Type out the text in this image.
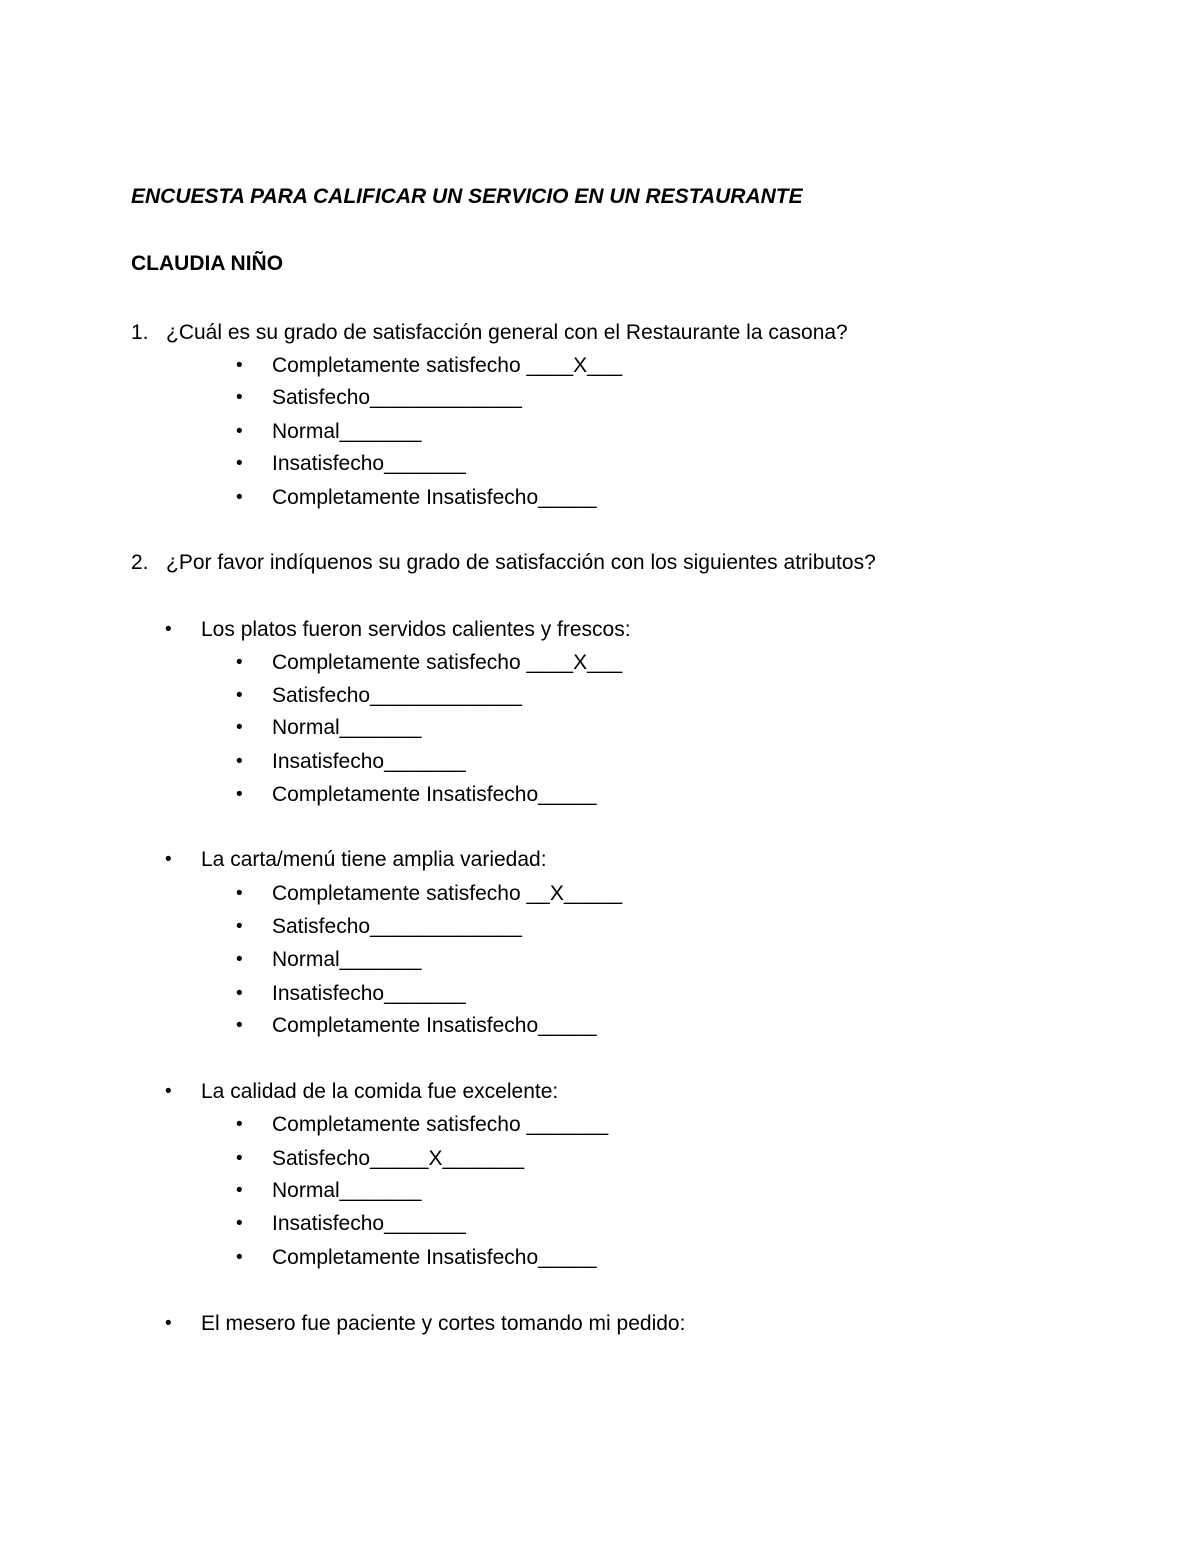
ENCUESTA PARA CALIFICAR UN SERVICIO EN UN RESTAURANTE
CLAUDIA NIÑO
1. ¿Cuál es su grado de satisfacción general con el Restaurante la casona?
• Completamente satisfecho ____X___
• Satisfecho_____________
• Normal_______
• Insatisfecho_______
• Completamente Insatisfecho_____
2. ¿Por favor indíquenos su grado de satisfacción con los siguientes atributos?
• Los platos fueron servidos calientes y frescos:
• Completamente satisfecho ____X___
• Satisfecho_____________
• Normal_______
• Insatisfecho_______
• Completamente Insatisfecho_____
• La carta/menú tiene amplia variedad:
• Completamente satisfecho __X_____
• Satisfecho_____________
• Normal_______
• Insatisfecho_______
• Completamente Insatisfecho_____
• La calidad de la comida fue excelente:
• Completamente satisfecho _______
• Satisfecho_____X_______
• Normal_______
• Insatisfecho_______
• Completamente Insatisfecho_____
• El mesero fue paciente y cortes tomando mi pedido:
